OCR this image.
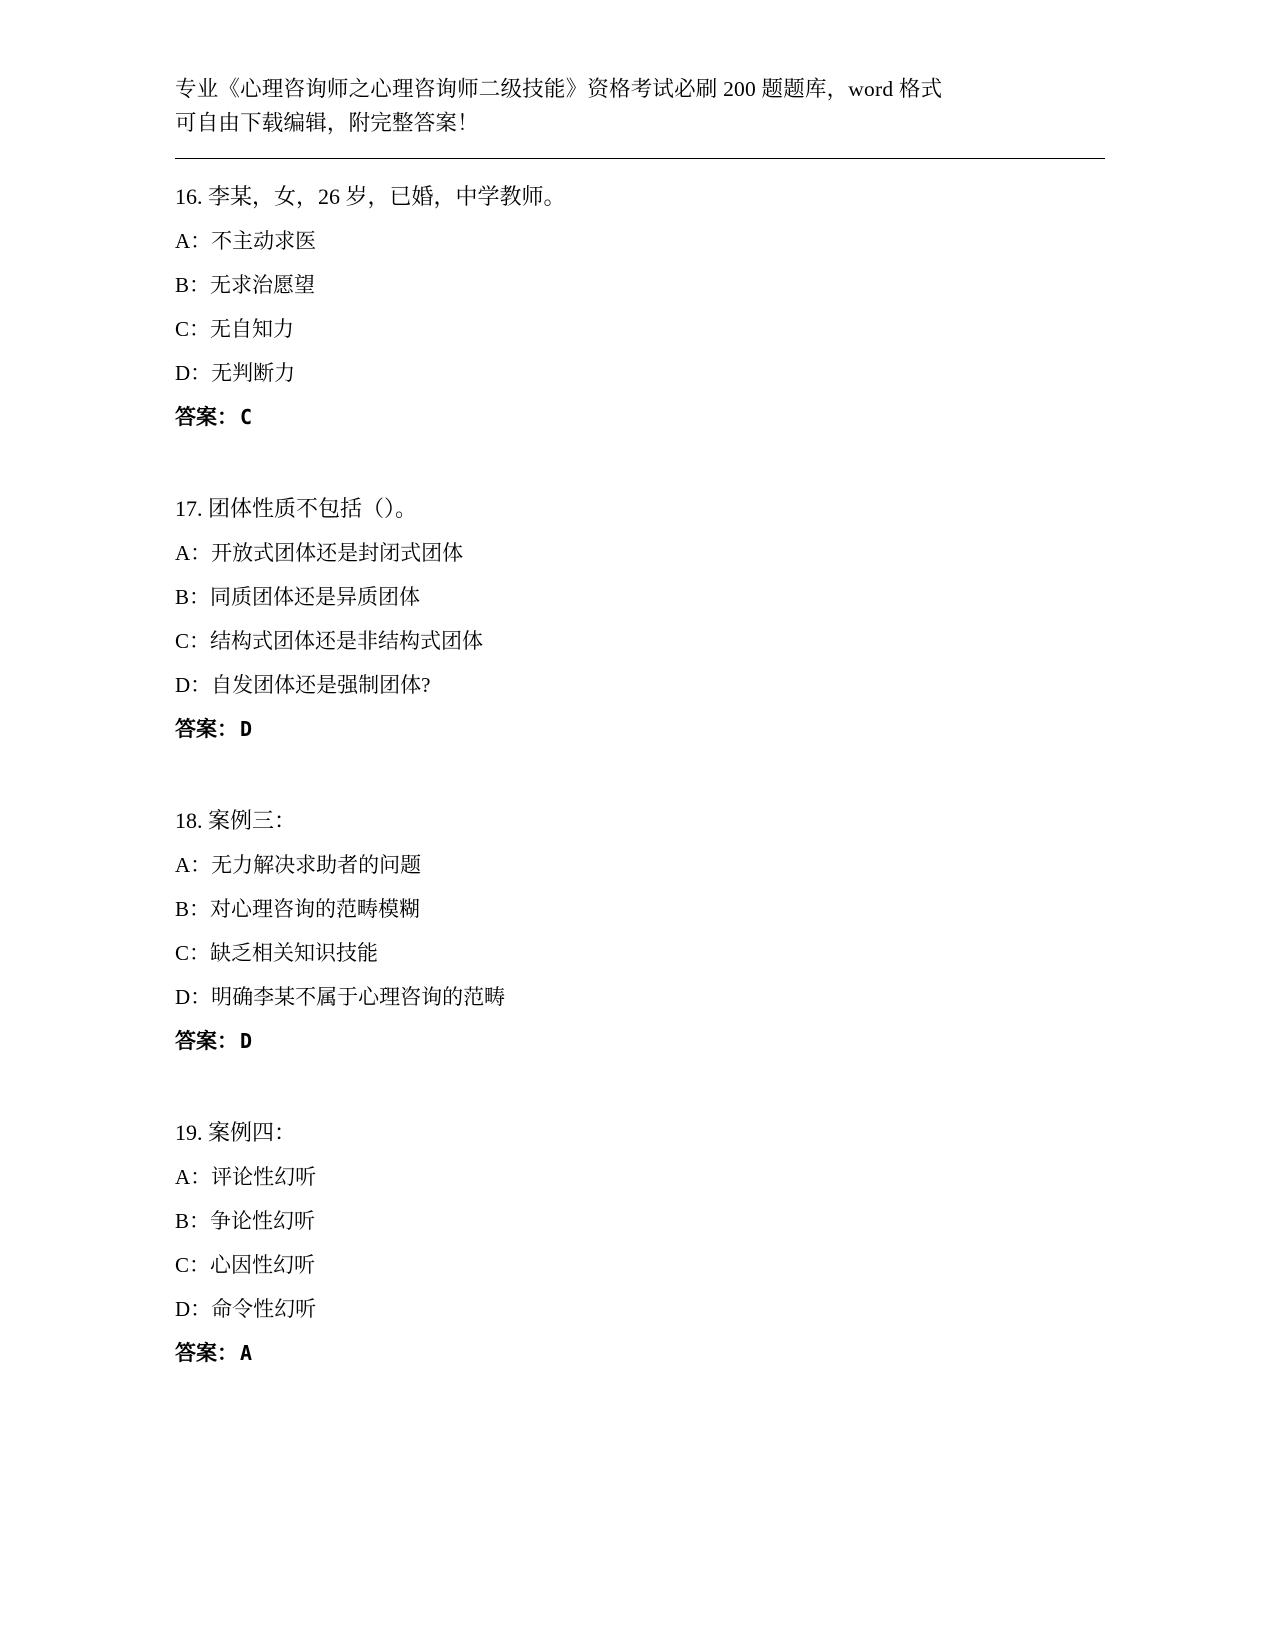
专业《心理咨询师之心理咨询师二级技能》资格考试必刷 200 题题库，word 格式
可自由下载编辑，附完整答案！
16. 李某，女，26 岁，已婚，中学教师。
A：不主动求医
B：无求治愿望
C：无自知力
D：无判断力
答案： C
17. 团体性质不包括（）。
A：开放式团体还是封闭式团体
B：同质团体还是异质团体
C：结构式团体还是非结构式团体
D：自发团体还是强制团体?
答案： D
18. 案例三：
A：无力解决求助者的问题
B：对心理咨询的范畴模糊
C：缺乏相关知识技能
D：明确李某不属于心理咨询的范畴
答案： D
19. 案例四：
A：评论性幻听
B：争论性幻听
C：心因性幻听
D：命令性幻听
答案： A
